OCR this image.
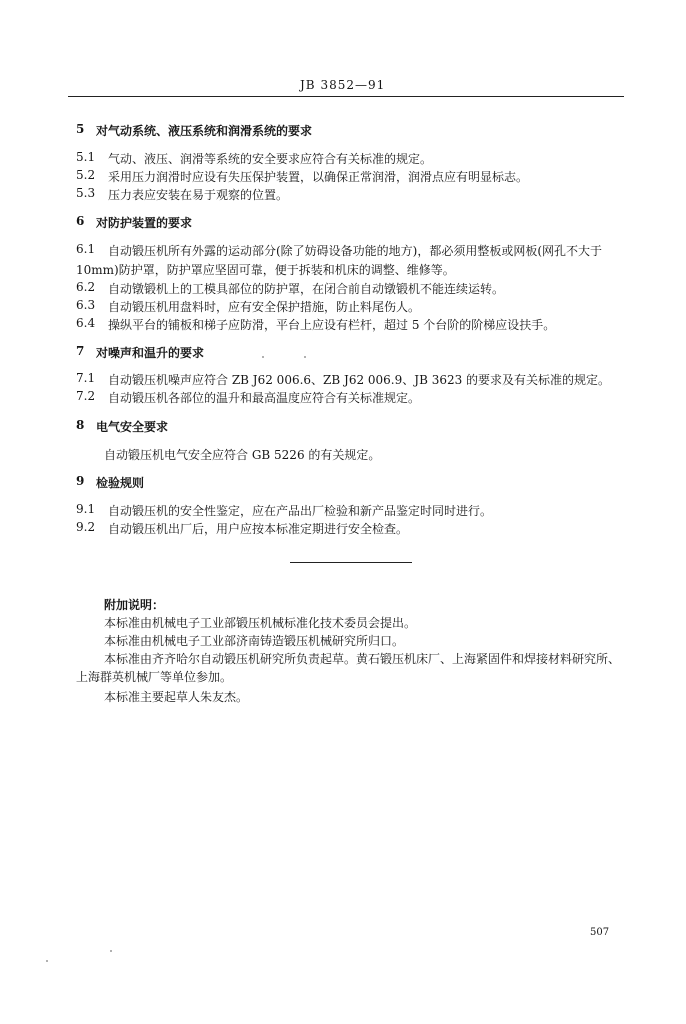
JB 3852—91
5 对气动系统、液压系统和润滑系统的要求
5.1 气动、液压、润滑等系统的安全要求应符合有关标准的规定。
5.2 采用压力润滑时应设有失压保护装置，以确保正常润滑，润滑点应有明显标志。
5.3 压力表应安装在易于观察的位置。
6 对防护装置的要求
6.1 自动锻压机所有外露的运动部分(除了妨碍设备功能的地方)，都必须用整板或网板(网孔不大于
10mm)防护罩，防护罩应坚固可靠，便于拆装和机床的调整、维修等。
6.2 自动镦锻机上的工模具部位的防护罩，在闭合前自动镦锻机不能连续运转。
6.3 自动锻压机用盘料时，应有安全保护措施，防止料尾伤人。
6.4 操纵平台的铺板和梯子应防滑，平台上应设有栏杆，超过 5 个台阶的阶梯应设扶手。
7 对噪声和温升的要求
7.1 自动锻压机噪声应符合 ZB J62 006.6、ZB J62 006.9、JB 3623 的要求及有关标准的规定。
7.2 自动锻压机各部位的温升和最高温度应符合有关标准规定。
8 电气安全要求
自动锻压机电气安全应符合 GB 5226 的有关规定。
9 检验规则
9.1 自动锻压机的安全性鉴定，应在产品出厂检验和新产品鉴定时同时进行。
9.2 自动锻压机出厂后，用户应按本标准定期进行安全检查。
附加说明：
本标准由机械电子工业部锻压机械标准化技术委员会提出。
本标准由机械电子工业部济南铸造锻压机械研究所归口。
本标准由齐齐哈尔自动锻压机研究所负责起草。黄石锻压机床厂、上海紧固件和焊接材料研究所、
上海群英机械厂等单位参加。
本标准主要起草人朱友杰。
507
